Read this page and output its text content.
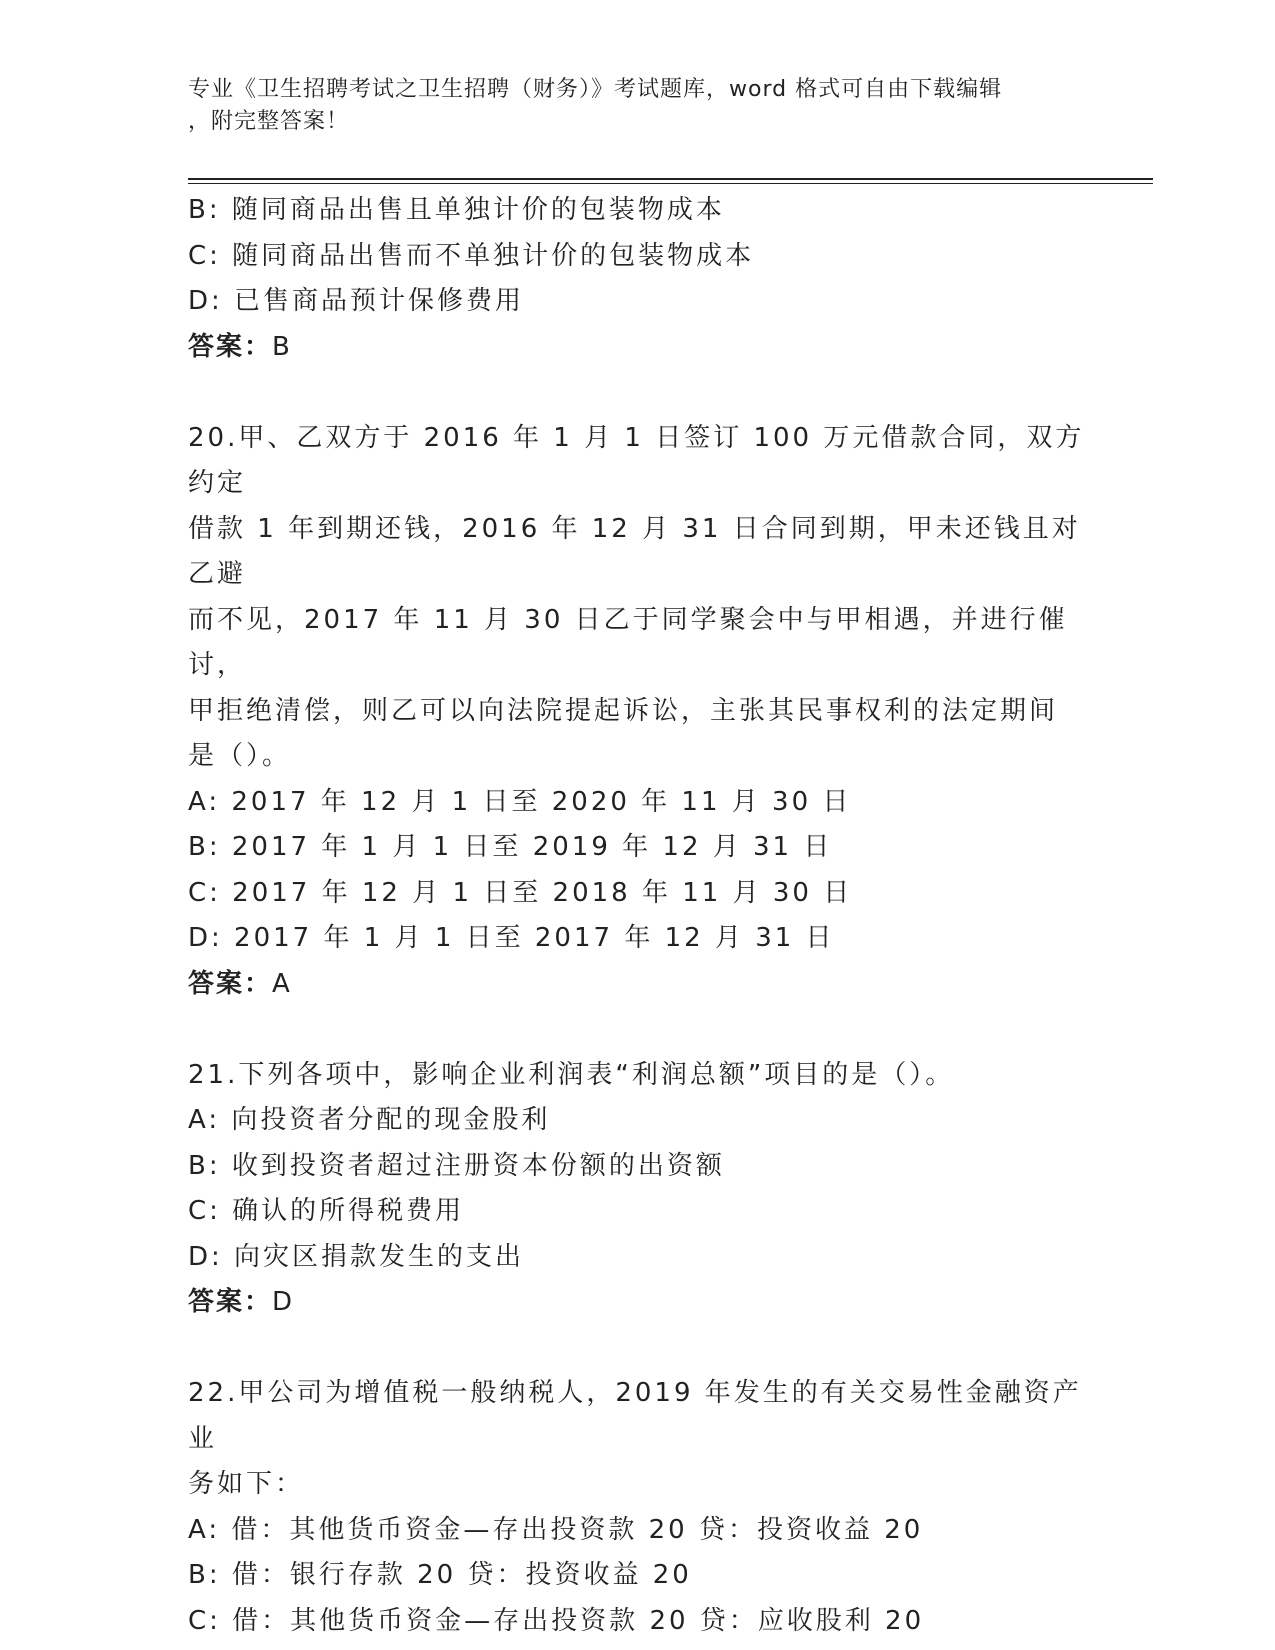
专业《卫生招聘考试之卫生招聘（财务）》考试题库，word 格式可自由下载编辑
，附完整答案！
B: 随同商品出售且单独计价的包装物成本
C: 随同商品出售而不单独计价的包装物成本
D: 已售商品预计保修费用
答案：B
20.甲、乙双方于 2016 年 1 月 1 日签订 100 万元借款合同，双方约定
借款 1 年到期还钱，2016 年 12 月 31 日合同到期，甲未还钱且对乙避
而不见，2017 年 11 月 30 日乙于同学聚会中与甲相遇，并进行催讨，
甲拒绝清偿，则乙可以向法院提起诉讼，主张其民事权利的法定期间
是（）。
A: 2017 年 12 月 1 日至 2020 年 11 月 30 日
B: 2017 年 1 月 1 日至 2019 年 12 月 31 日
C: 2017 年 12 月 1 日至 2018 年 11 月 30 日
D: 2017 年 1 月 1 日至 2017 年 12 月 31 日
答案：A
21.下列各项中，影响企业利润表“利润总额”项目的是（）。
A: 向投资者分配的现金股利
B: 收到投资者超过注册资本份额的出资额
C: 确认的所得税费用
D: 向灾区捐款发生的支出
答案：D
22.甲公司为增值税一般纳税人，2019 年发生的有关交易性金融资产业
务如下：
A: 借：其他货币资金—存出投资款 20 贷：投资收益 20
B: 借：银行存款 20 贷：投资收益 20
C: 借：其他货币资金—存出投资款 20 贷：应收股利 20
